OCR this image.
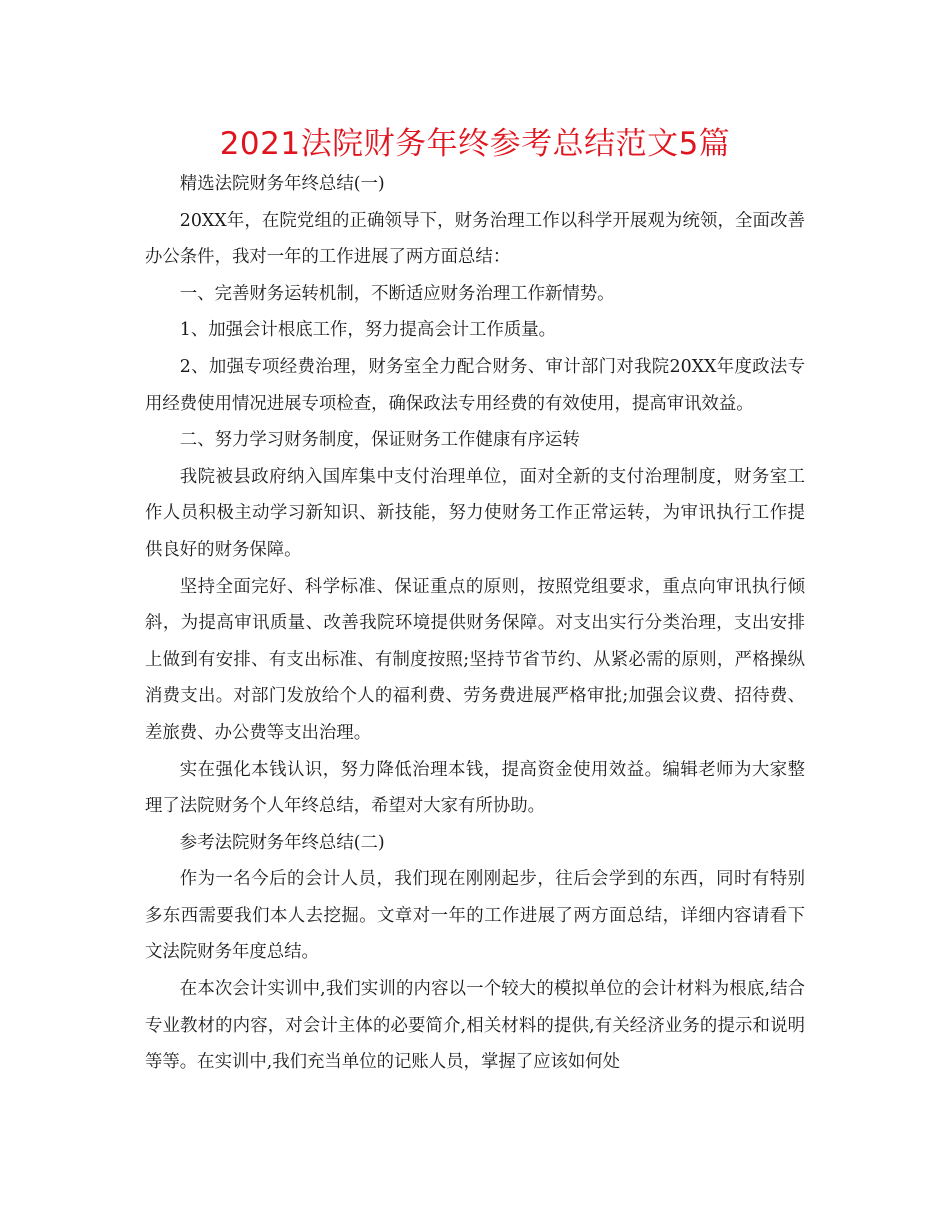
2021法院财务年终参考总结范文5篇

精选法院财务年终总结(一)

20XX年，在院党组的正确领导下，财务治理工作以科学开展观为统领，全面改善办公条件，我对一年的工作进展了两方面总结：

一、完善财务运转机制，不断适应财务治理工作新情势。

1、加强会计根底工作，努力提高会计工作质量。

2、加强专项经费治理，财务室全力配合财务、审计部门对我院20XX年度政法专用经费使用情况进展专项检查，确保政法专用经费的有效使用，提高审讯效益。

二、努力学习财务制度，保证财务工作健康有序运转

我院被县政府纳入国库集中支付治理单位，面对全新的支付治理制度，财务室工作人员积极主动学习新知识、新技能，努力使财务工作正常运转，为审讯执行工作提供良好的财务保障。

坚持全面完好、科学标准、保证重点的原则，按照党组要求，重点向审讯执行倾斜，为提高审讯质量、改善我院环境提供财务保障。对支出实行分类治理，支出安排上做到有安排、有支出标准、有制度按照;坚持节省节约、从紧必需的原则，严格操纵消费支出。对部门发放给个人的福利费、劳务费进展严格审批;加强会议费、招待费、差旅费、办公费等支出治理。

实在强化本钱认识，努力降低治理本钱，提高资金使用效益。编辑老师为大家整理了法院财务个人年终总结，希望对大家有所协助。

参考法院财务年终总结(二)

作为一名今后的会计人员，我们现在刚刚起步，往后会学到的东西，同时有特别多东西需要我们本人去挖掘。文章对一年的工作进展了两方面总结，详细内容请看下文法院财务年度总结。

在本次会计实训中,我们实训的内容以一个较大的模拟单位的会计材料为根底,结合专业教材的内容，对会计主体的必要简介,相关材料的提供,有关经济业务的提示和说明等等。在实训中,我们充当单位的记账人员，掌握了应该如何处
